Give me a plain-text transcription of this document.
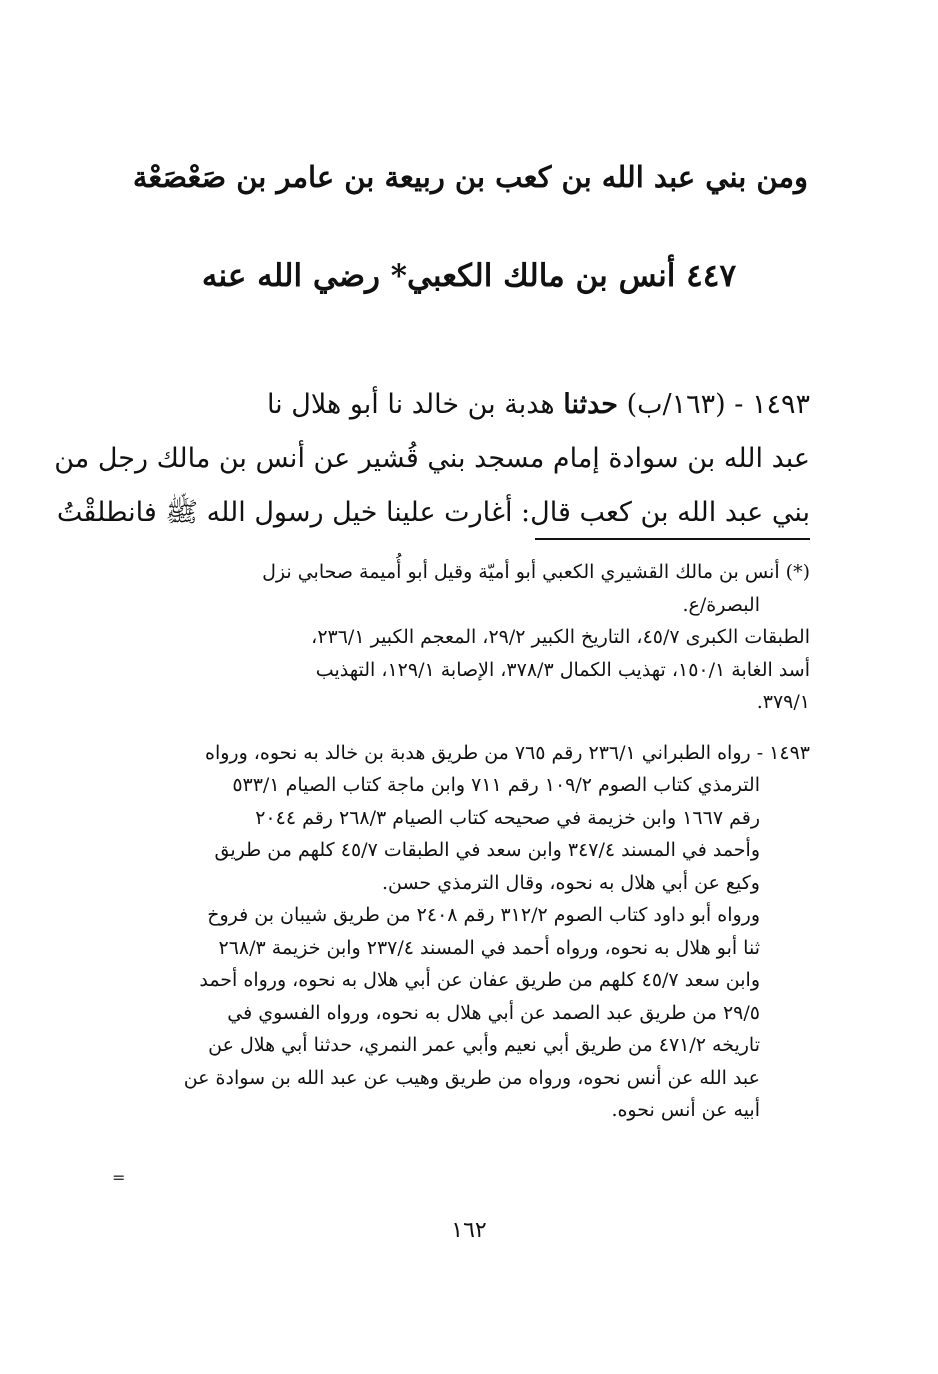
ومن بني عبد الله بن كعب بن ربيعة بن عامر بن صَعْصَعْة
٤٤٧ أنس بن مالك الكعبي* رضي الله عنه

١٤٩٣ - (١٦٣/ب) حدثنا هدبة بن خالد نا أبو هلال نا

عبد الله بن سوادة إمام مسجد بني قُشير عن أنس بن مالك رجل من

بني عبد الله بن كعب قال: أغارت علينا خيل رسول الله ﷺ فانطلقْتُ

(*) أنس بن مالك القشيري الكعبي أبو أميّة وقيل أبو أُميمة صحابي نزل

البصرة/ع.

الطبقات الكبرى ٤٥/٧، التاريخ الكبير ٢٩/٢، المعجم الكبير ٢٣٦/١،

أسد الغابة ١٥٠/١، تهذيب الكمال ٣٧٨/٣، الإصابة ١٢٩/١، التهذيب

٣٧٩/١.

١٤٩٣ - رواه الطبراني ٢٣٦/١ رقم ٧٦٥ من طريق هدبة بن خالد به نحوه، ورواه

الترمذي كتاب الصوم ١٠٩/٢ رقم ٧١١ وابن ماجة كتاب الصيام ٥٣٣/١

رقم ١٦٦٧ وابن خزيمة في صحيحه كتاب الصيام ٢٦٨/٣ رقم ٢٠٤٤

وأحمد في المسند ٣٤٧/٤ وابن سعد في الطبقات ٤٥/٧ كلهم من طريق

وكيع عن أبي هلال به نحوه، وقال الترمذي حسن.

ورواه أبو داود كتاب الصوم ٣١٢/٢ رقم ٢٤٠٨ من طريق شيبان بن فروخ

ثنا أبو هلال به نحوه، ورواه أحمد في المسند ٢٣٧/٤ وابن خزيمة ٢٦٨/٣

وابن سعد ٤٥/٧ كلهم من طريق عفان عن أبي هلال به نحوه، ورواه أحمد

٢٩/٥ من طريق عبد الصمد عن أبي هلال به نحوه، ورواه الفسوي في

تاريخه ٤٧١/٢ من طريق أبي نعيم وأبي عمر النمري، حدثنا أبي هلال عن

عبد الله عن أنس نحوه، ورواه من طريق وهيب عن عبد الله بن سوادة عن

أبيه عن أنس نحوه.

=
١٦٢
